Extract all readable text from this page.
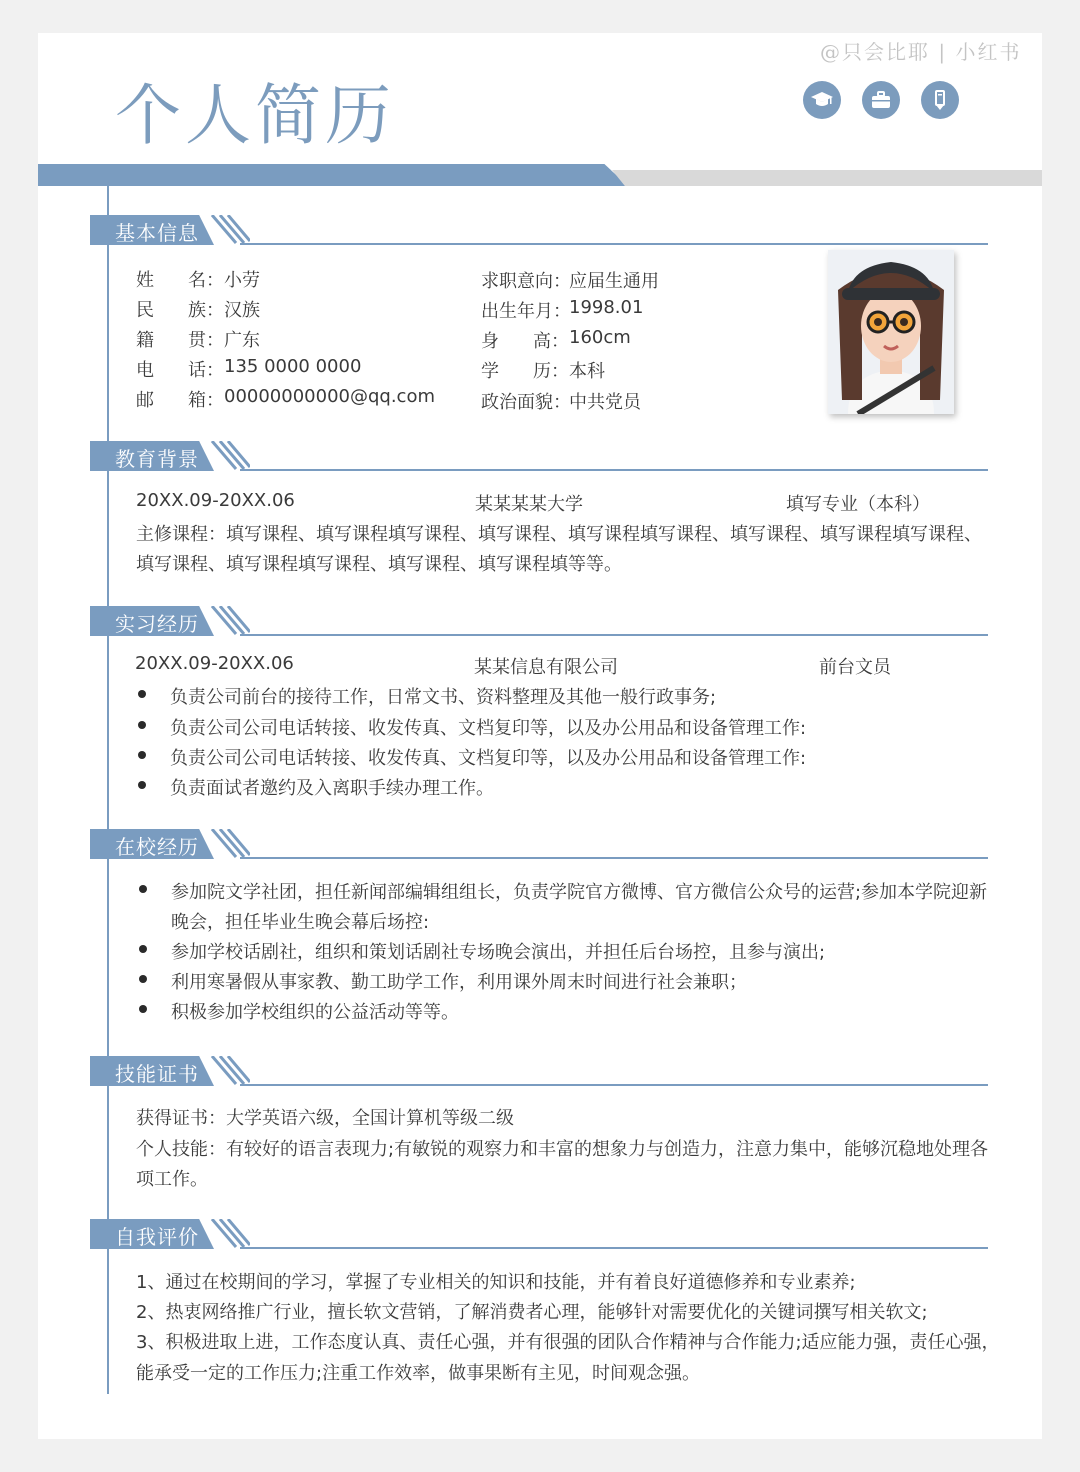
@只会比耶 | 小红书
个人简历
基本信息
姓 名： 小劳
民 族： 汉族
籍 贯： 广东
电 话： 135 0000 0000
邮 箱： 00000000000@qq.com
求职意向：
应届生通用
出生年月：
1998.01
身 高： 160cm
学 历： 本科
政治面貌：
中共党员
教育背景
20XX.09-20XX.06	某某某某大学	填写专业（本科）
主修课程：填写课程、填写课程填写课程、填写课程、填写课程填写课程、填写课程、填写课程填写课程、
填写课程、填写课程填写课程、填写课程、填写课程填等等。
实习经历
20XX.09-20XX.06	某某信息有限公司	前台文员
负责公司前台的接待工作，日常文书、资料整理及其他一般行政事务;
负责公司公司电话转接、收发传真、文档复印等，以及办公用品和设备管理工作:
负责公司公司电话转接、收发传真、文档复印等，以及办公用品和设备管理工作:
负责面试者邀约及入离职手续办理工作。
在校经历
参加院文学社团，担任新闻部编辑组组长，负责学院官方微博、官方微信公众号的运营;参加本学院迎新
晚会，担任毕业生晚会幕后场控:
参加学校话剧社，组织和策划话剧社专场晚会演出，并担任后台场控，且参与演出;
利用寒暑假从事家教、勤工助学工作，利用课外周末时间进行社会兼职；
积极参加学校组织的公益活动等等。
技能证书
获得证书：大学英语六级，全国计算机等级二级
个人技能：有较好的语言表现力;有敏锐的观察力和丰富的想象力与创造力，注意力集中，能够沉稳地处理各
项工作。
自我评价
1、通过在校期间的学习，掌握了专业相关的知识和技能，并有着良好道德修养和专业素养;
2、热衷网络推广行业，擅长软文营销，了解消费者心理，能够针对需要优化的关键词撰写相关软文;
3、积极进取上进，工作态度认真、责任心强，并有很强的团队合作精神与合作能力;适应能力强，责任心强，
能承受一定的工作压力;注重工作效率，做事果断有主见，时间观念强。
